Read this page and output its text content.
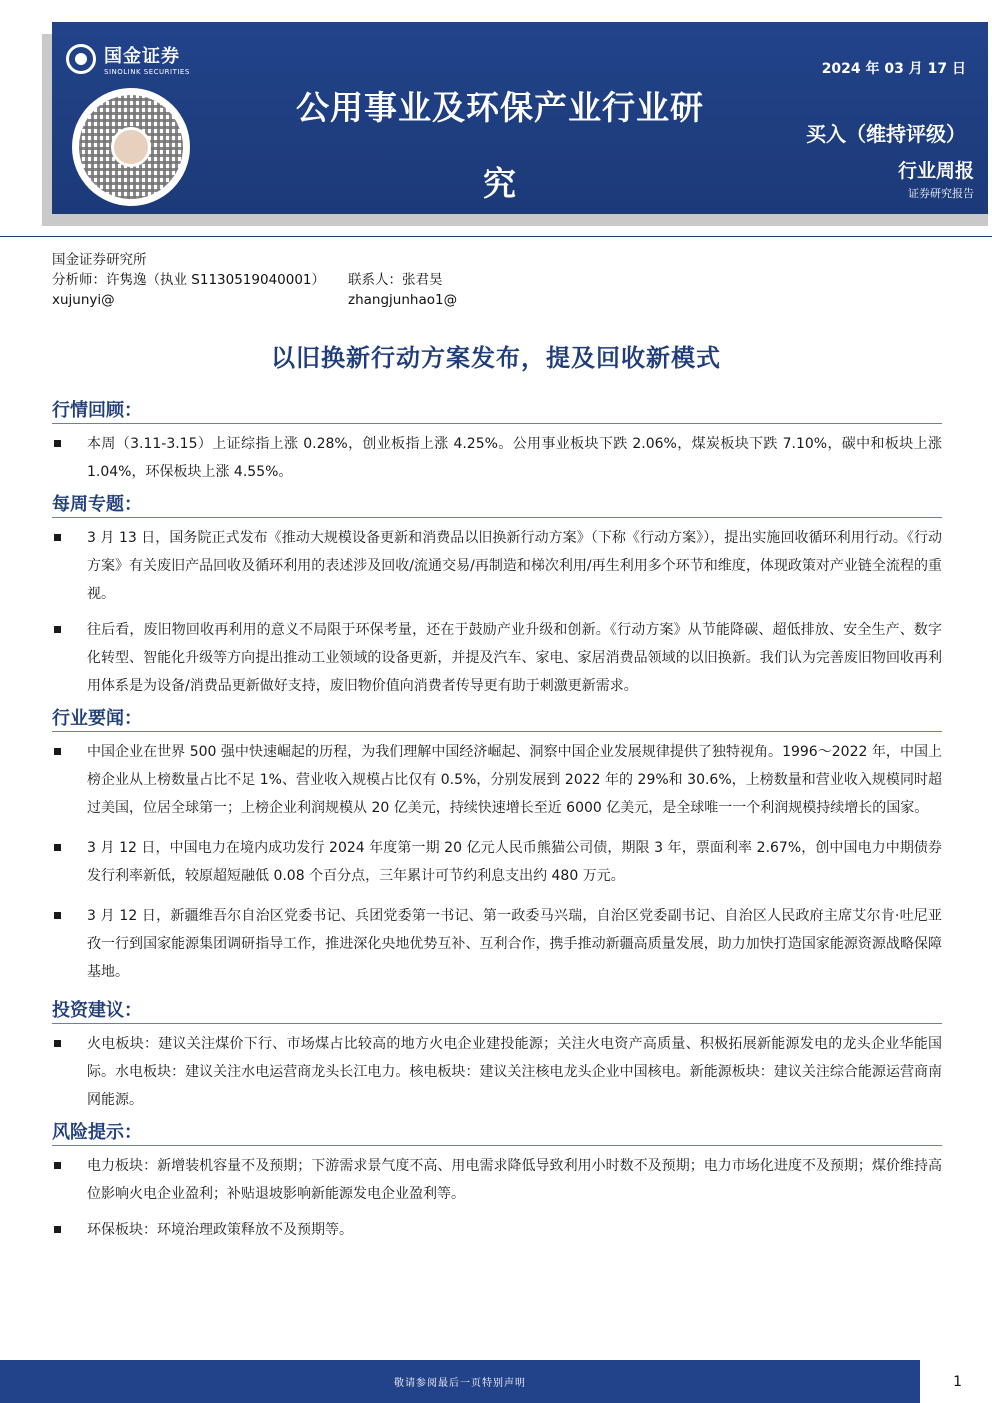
国金证券
SINOLINK SECURITIES
公用事业及环保产业行业研
究
2024 年 03 月 17 日
买入（维持评级）
行业周报
证券研究报告
国金证券研究所
分析师：许隽逸（执业 S1130519040001） 联系人：张君昊
xujunyi@	zhangjunhao1@
以旧换新行动方案发布，提及回收新模式
行情回顾：
本周（3.11-3.15）上证综指上涨 0.28%，创业板指上涨 4.25%。公用事业板块下跌 2.06%，煤炭板块下跌 7.10%，碳中和板块上涨 1.04%，环保板块上涨 4.55%。
每周专题：
3 月 13 日，国务院正式发布《推动大规模设备更新和消费品以旧换新行动方案》（下称《行动方案》），提出实施回收循环利用行动。《行动方案》有关废旧产品回收及循环利用的表述涉及回收/流通交易/再制造和梯次利用/再生利用多个环节和维度，体现政策对产业链全流程的重视。
往后看，废旧物回收再利用的意义不局限于环保考量，还在于鼓励产业升级和创新。《行动方案》从节能降碳、超低排放、安全生产、数字化转型、智能化升级等方向提出推动工业领域的设备更新，并提及汽车、家电、家居消费品领域的以旧换新。我们认为完善废旧物回收再利用体系是为设备/消费品更新做好支持，废旧物价值向消费者传导更有助于刺激更新需求。
行业要闻：
中国企业在世界 500 强中快速崛起的历程，为我们理解中国经济崛起、洞察中国企业发展规律提供了独特视角。1996～2022 年，中国上榜企业从上榜数量占比不足 1%、营业收入规模占比仅有 0.5%，分别发展到 2022 年的 29%和 30.6%，上榜数量和营业收入规模同时超过美国，位居全球第一；上榜企业利润规模从 20 亿美元，持续快速增长至近 6000 亿美元，是全球唯一一个利润规模持续增长的国家。
3 月 12 日，中国电力在境内成功发行 2024 年度第一期 20 亿元人民币熊猫公司债，期限 3 年，票面利率 2.67%，创中国电力中期债券发行利率新低，较原超短融低 0.08 个百分点，三年累计可节约利息支出约 480 万元。
3 月 12 日，新疆维吾尔自治区党委书记、兵团党委第一书记、第一政委马兴瑞，自治区党委副书记、自治区人民政府主席艾尔肯·吐尼亚孜一行到国家能源集团调研指导工作，推进深化央地优势互补、互利合作，携手推动新疆高质量发展，助力加快打造国家能源资源战略保障基地。
投资建议：
火电板块：建议关注煤价下行、市场煤占比较高的地方火电企业建投能源；关注火电资产高质量、积极拓展新能源发电的龙头企业华能国际。水电板块：建议关注水电运营商龙头长江电力。核电板块：建议关注核电龙头企业中国核电。新能源板块：建议关注综合能源运营商南网能源。
风险提示：
电力板块：新增装机容量不及预期；下游需求景气度不高、用电需求降低导致利用小时数不及预期；电力市场化进度不及预期；煤价维持高位影响火电企业盈利；补贴退坡影响新能源发电企业盈利等。
环保板块：环境治理政策释放不及预期等。
敬请参阅最后一页特别声明	1
